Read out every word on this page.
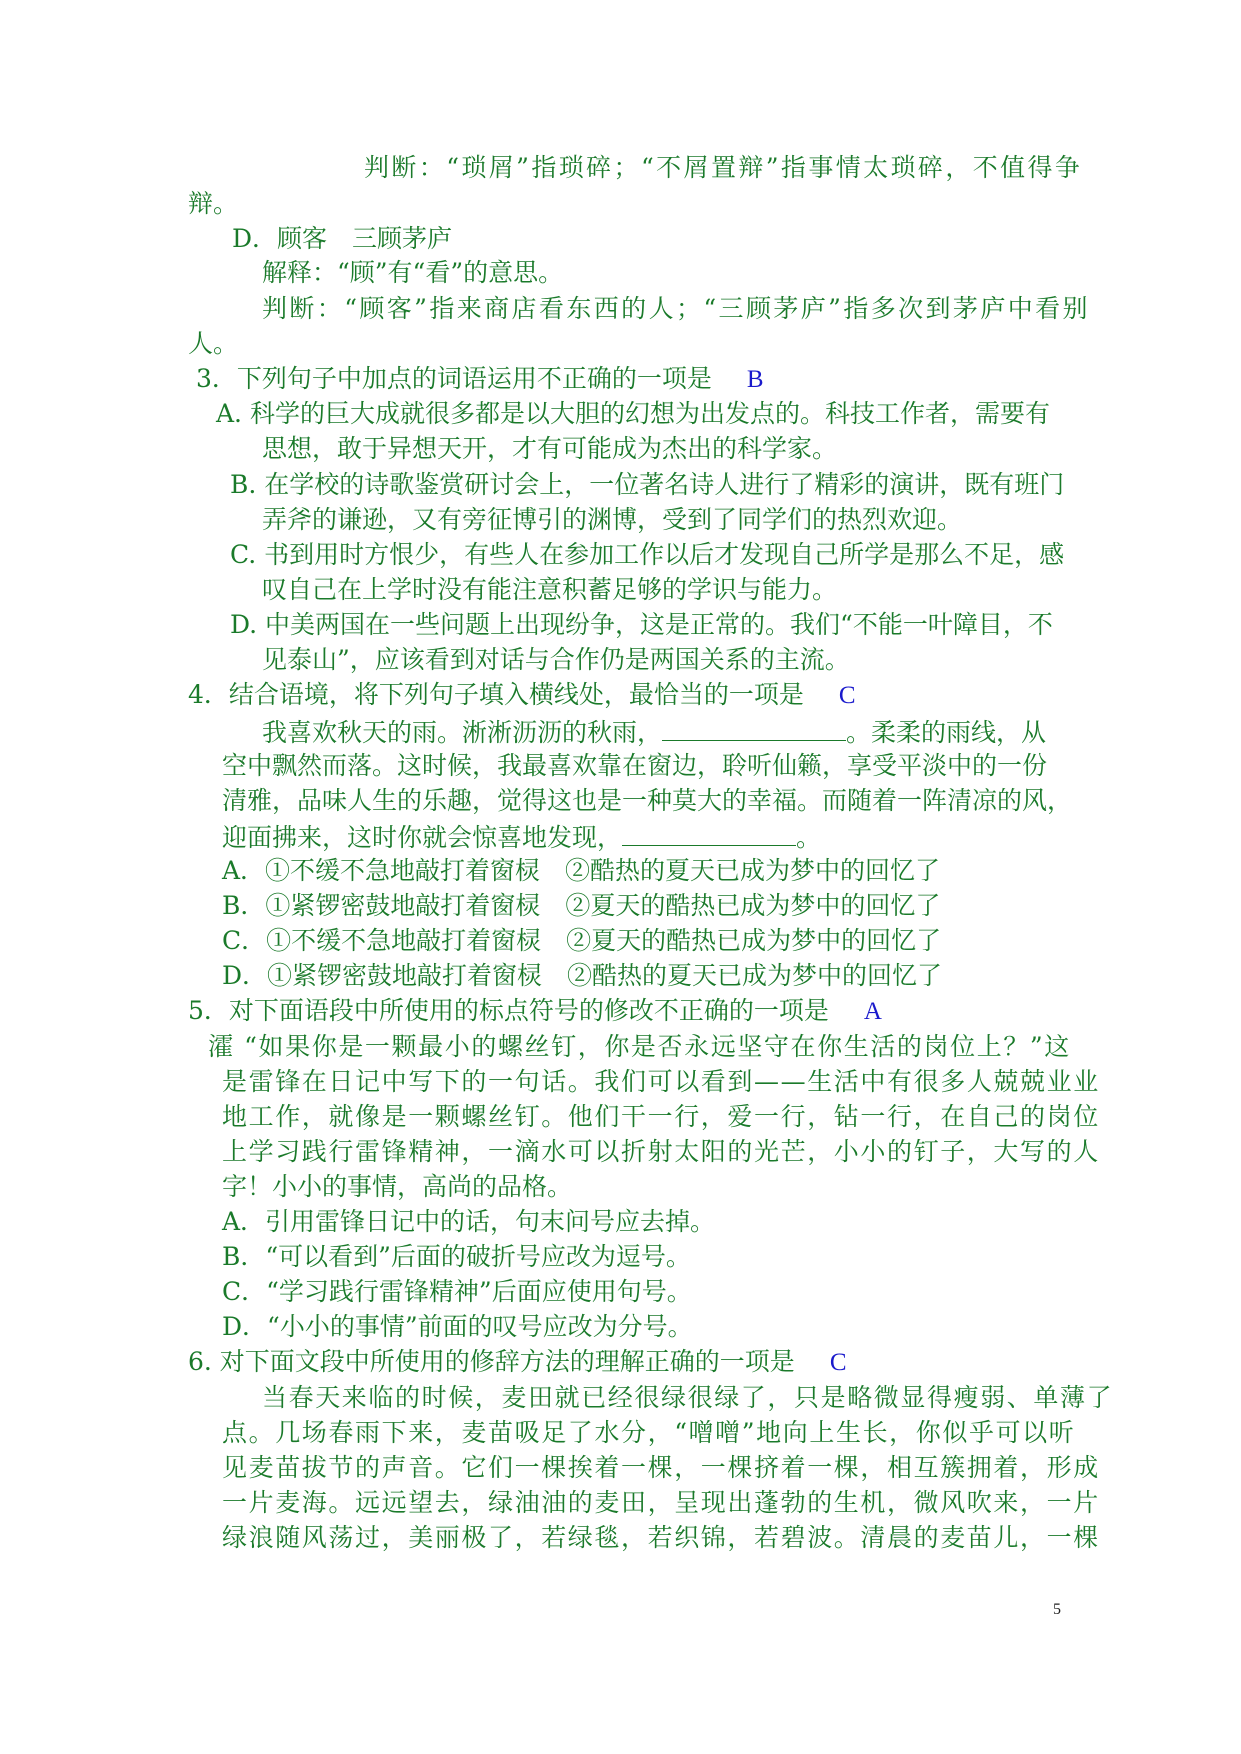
判断：“琐屑”指琐碎；“不屑置辩”指事情太琐碎，不值得争
辩。
D．顾客　三顾茅庐
解释：“顾”有“看”的意思。
判断：“顾客”指来商店看东西的人；“三顾茅庐”指多次到茅庐中看别
人。
3．下列句子中加点的词语运用不正确的一项是 B
A. 科学的巨大成就很多都是以大胆的幻想为出发点的。科技工作者，需要有
思想，敢于异想天开，才有可能成为杰出的科学家。
B. 在学校的诗歌鉴赏研讨会上，一位著名诗人进行了精彩的演讲，既有班门
弄斧的谦逊，又有旁征博引的渊博，受到了同学们的热烈欢迎。
C. 书到用时方恨少，有些人在参加工作以后才发现自己所学是那么不足，感
叹自己在上学时没有能注意积蓄足够的学识与能力。
D. 中美两国在一些问题上出现纷争，这是正常的。我们“不能一叶障目，不
见泰山”，应该看到对话与合作仍是两国关系的主流。
4．结合语境，将下列句子填入横线处，最恰当的一项是 C
我喜欢秋天的雨。淅淅沥沥的秋雨，	。柔柔的雨线，从
空中飘然而落。这时候，我最喜欢靠在窗边，聆听仙籁，享受平淡中的一份
清雅，品味人生的乐趣，觉得这也是一种莫大的幸福。而随着一阵清凉的风，
迎面拂来，这时你就会惊喜地发现，	。
A．①不缓不急地敲打着窗棂　②酷热的夏天已成为梦中的回忆了
B．①紧锣密鼓地敲打着窗棂　②夏天的酷热已成为梦中的回忆了
C．①不缓不急地敲打着窗棂　②夏天的酷热已成为梦中的回忆了
D．①紧锣密鼓地敲打着窗棂　②酷热的夏天已成为梦中的回忆了
5．对下面语段中所使用的标点符号的修改不正确的一项是 A
瀖 “如果你是一颗最小的螺丝钉，你是否永远坚守在你生活的岗位上？”这
是雷锋在日记中写下的一句话。我们可以看到——生活中有很多人兢兢业业
地工作，就像是一颗螺丝钉。他们干一行，爱一行，钻一行，在自己的岗位
上学习践行雷锋精神，一滴水可以折射太阳的光芒，小小的钉子，大写的人
字！小小的事情，高尚的品格。
A．引用雷锋日记中的话，句末问号应去掉。
B．“可以看到”后面的破折号应改为逗号。
C．“学习践行雷锋精神”后面应使用句号。
D．“小小的事情”前面的叹号应改为分号。
6. 对下面文段中所使用的修辞方法的理解正确的一项是 C
当春天来临的时候，麦田就已经很绿很绿了，只是略微显得瘦弱、单薄了
点。几场春雨下来，麦苗吸足了水分，“噌噌”地向上生长，你似乎可以听
见麦苗拔节的声音。它们一棵挨着一棵，一棵挤着一棵，相互簇拥着，形成
一片麦海。远远望去，绿油油的麦田，呈现出蓬勃的生机，微风吹来，一片
绿浪随风荡过，美丽极了，若绿毯，若织锦，若碧波。清晨的麦苗儿，一棵
5
